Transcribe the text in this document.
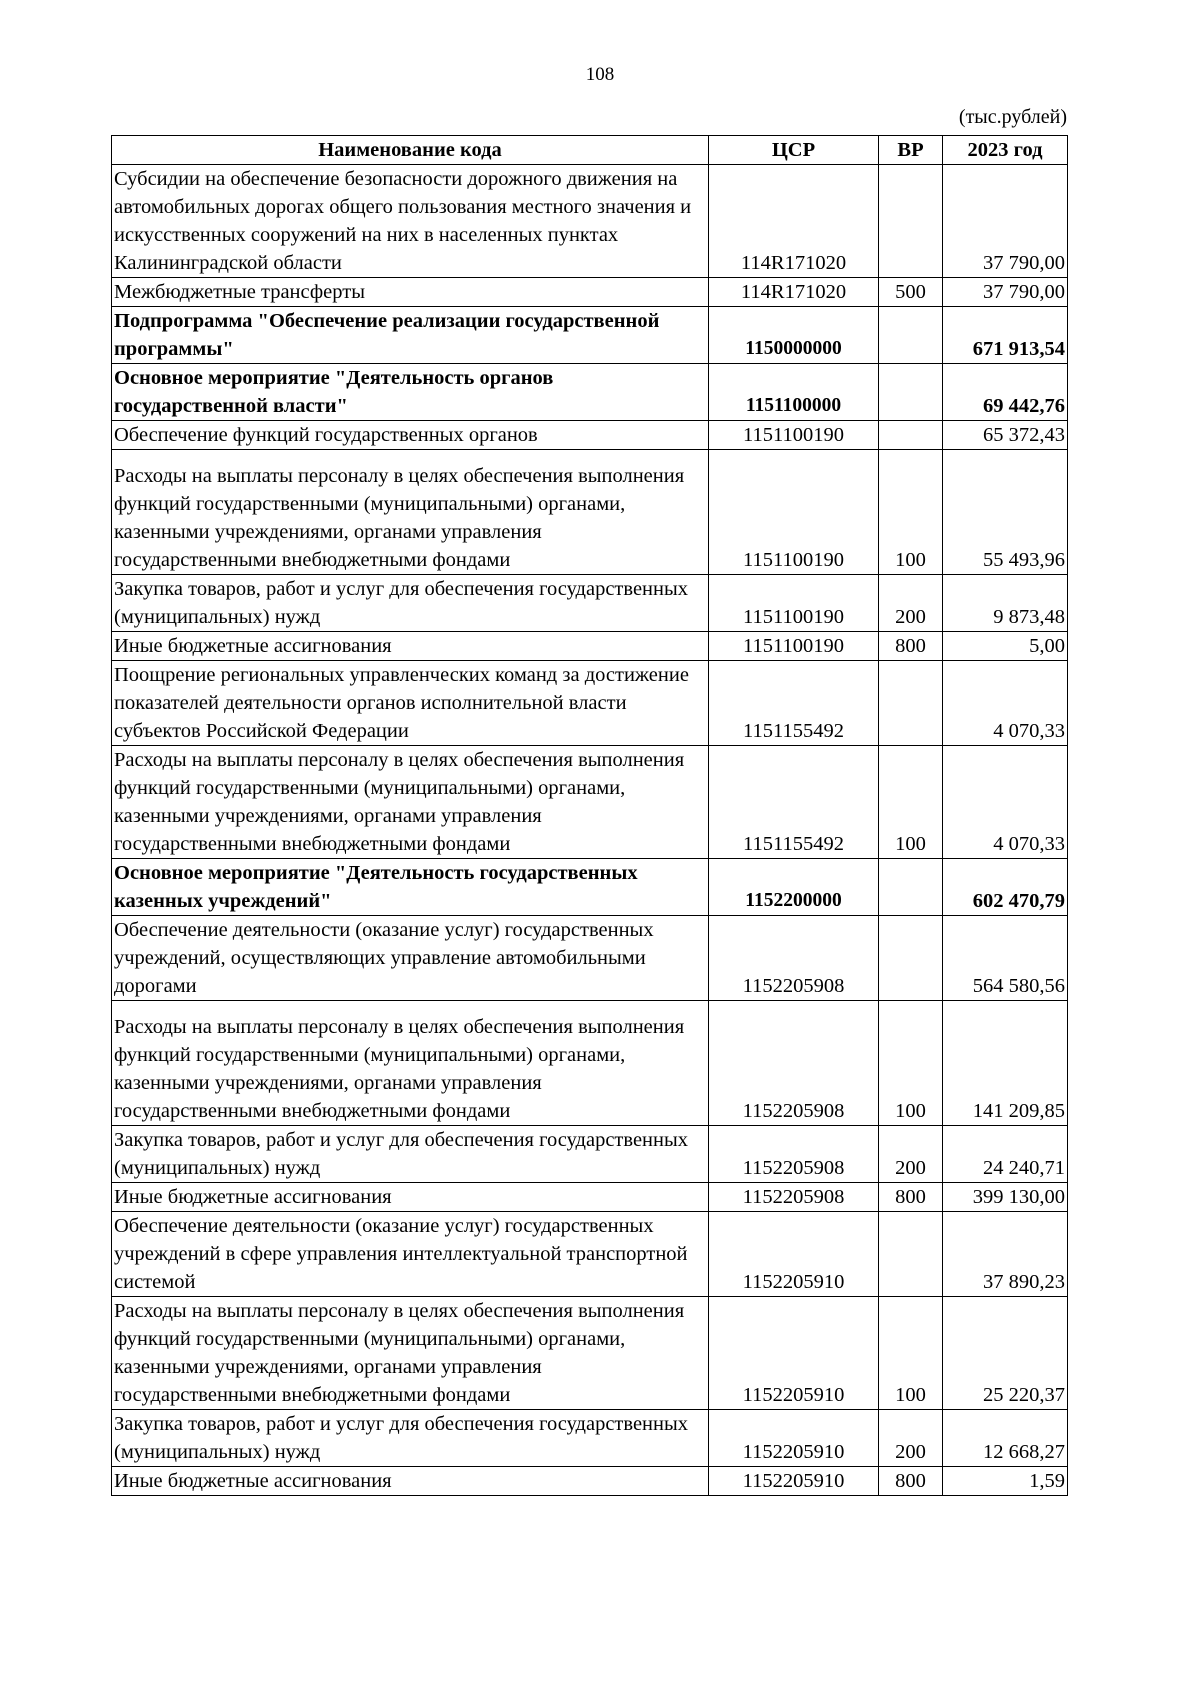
108
(тыс.рублей)
Наименование кода	ЦСР	ВР	2023 год
Субсидии на обеспечение безопасности дорожного движения на автомобильных дорогах общего пользования местного значения и искусственных сооружений на них в населенных пунктах Калининградской области	114R171020		37 790,00
Межбюджетные трансферты	114R171020	500	37 790,00
Подпрограмма "Обеспечение реализации государственной программы"	1150000000		671 913,54
Основное мероприятие "Деятельность органов государственной власти"	1151100000		69 442,76
Обеспечение функций государственных органов	1151100190		65 372,43
Расходы на выплаты персоналу в целях обеспечения выполнения функций государственными (муниципальными) органами, казенными учреждениями, органами управления государственными внебюджетными фондами	1151100190	100	55 493,96
Закупка товаров, работ и услуг для обеспечения государственных (муниципальных) нужд	1151100190	200	9 873,48
Иные бюджетные ассигнования	1151100190	800	5,00
Поощрение региональных управленческих команд за достижение показателей деятельности органов исполнительной власти субъектов Российской Федерации	1151155492		4 070,33
Расходы на выплаты персоналу в целях обеспечения выполнения функций государственными (муниципальными) органами, казенными учреждениями, органами управления государственными внебюджетными фондами	1151155492	100	4 070,33
Основное мероприятие "Деятельность государственных казенных учреждений"	1152200000		602 470,79
Обеспечение деятельности (оказание услуг) государственных учреждений, осуществляющих управление автомобильными дорогами	1152205908		564 580,56
Расходы на выплаты персоналу в целях обеспечения выполнения функций государственными (муниципальными) органами, казенными учреждениями, органами управления государственными внебюджетными фондами	1152205908	100	141 209,85
Закупка товаров, работ и услуг для обеспечения государственных (муниципальных) нужд	1152205908	200	24 240,71
Иные бюджетные ассигнования	1152205908	800	399 130,00
Обеспечение деятельности (оказание услуг) государственных учреждений в сфере управления интеллектуальной транспортной системой	1152205910		37 890,23
Расходы на выплаты персоналу в целях обеспечения выполнения функций государственными (муниципальными) органами, казенными учреждениями, органами управления государственными внебюджетными фондами	1152205910	100	25 220,37
Закупка товаров, работ и услуг для обеспечения государственных (муниципальных) нужд	1152205910	200	12 668,27
Иные бюджетные ассигнования	1152205910	800	1,59
